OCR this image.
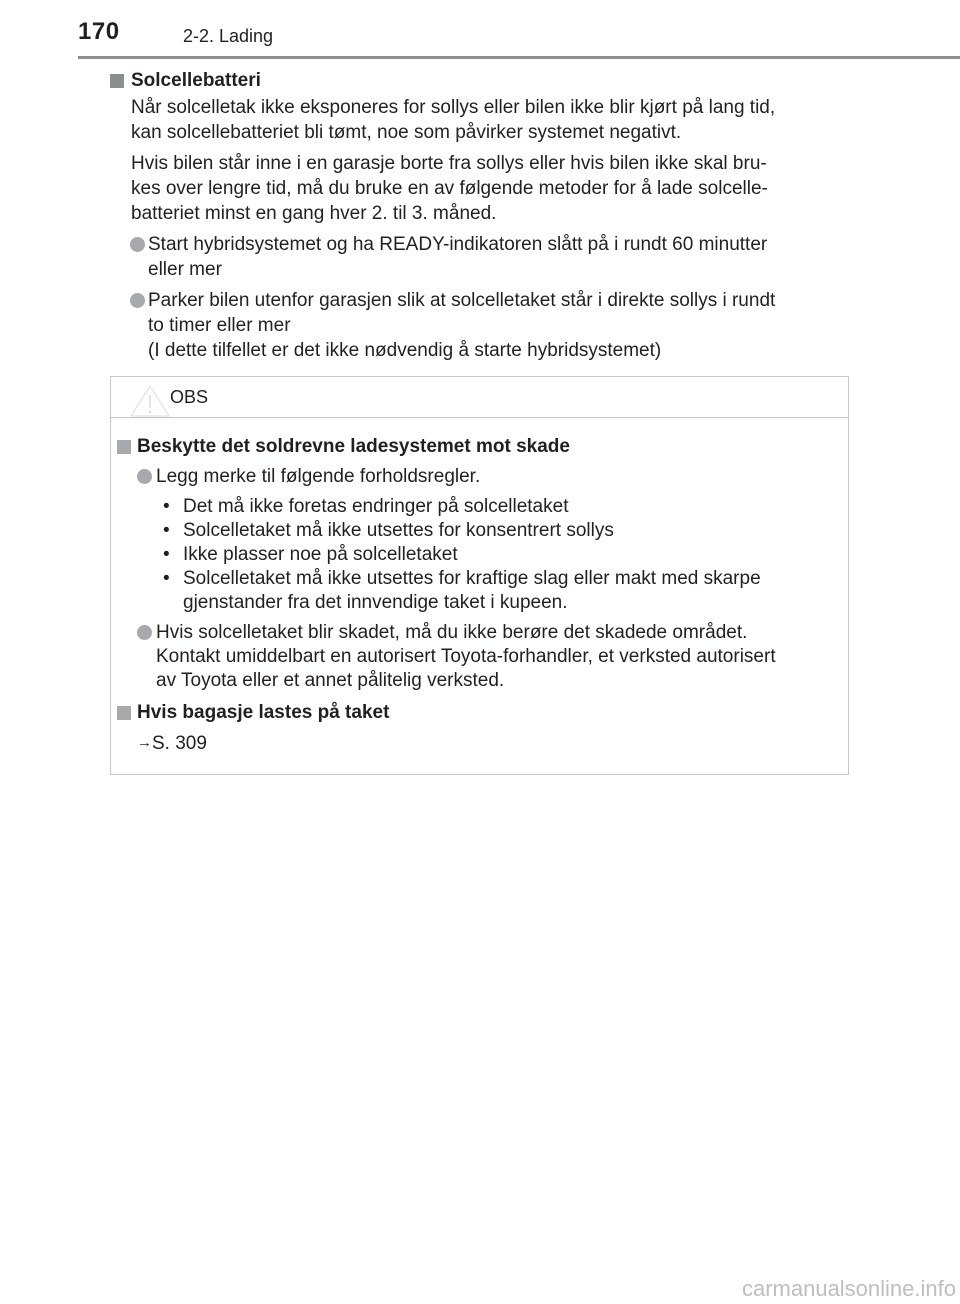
170	2-2. Lading
Solcellebatteri
Når solcelletak ikke eksponeres for sollys eller bilen ikke blir kjørt på lang tid,
kan solcellebatteriet bli tømt, noe som påvirker systemet negativt.
Hvis bilen står inne i en garasje borte fra sollys eller hvis bilen ikke skal bru-
kes over lengre tid, må du bruke en av følgende metoder for å lade solcelle-
batteriet minst en gang hver 2. til 3. måned.
Start hybridsystemet og ha READY-indikatoren slått på i rundt 60 minutter
eller mer
Parker bilen utenfor garasjen slik at solcelletaket står i direkte sollys i rundt
to timer eller mer
(I dette tilfellet er det ikke nødvendig å starte hybridsystemet)
OBS
Beskytte det soldrevne ladesystemet mot skade
Legg merke til følgende forholdsregler.
• Det må ikke foretas endringer på solcelletaket
• Solcelletaket må ikke utsettes for konsentrert sollys
• Ikke plasser noe på solcelletaket
• Solcelletaket må ikke utsettes for kraftige slag eller makt med skarpe
gjenstander fra det innvendige taket i kupeen.
Hvis solcelletaket blir skadet, må du ikke berøre det skadede området.
Kontakt umiddelbart en autorisert Toyota-forhandler, et verksted autorisert
av Toyota eller et annet pålitelig verksted.
Hvis bagasje lastes på taket
→S. 309
carmanualsonline.info
